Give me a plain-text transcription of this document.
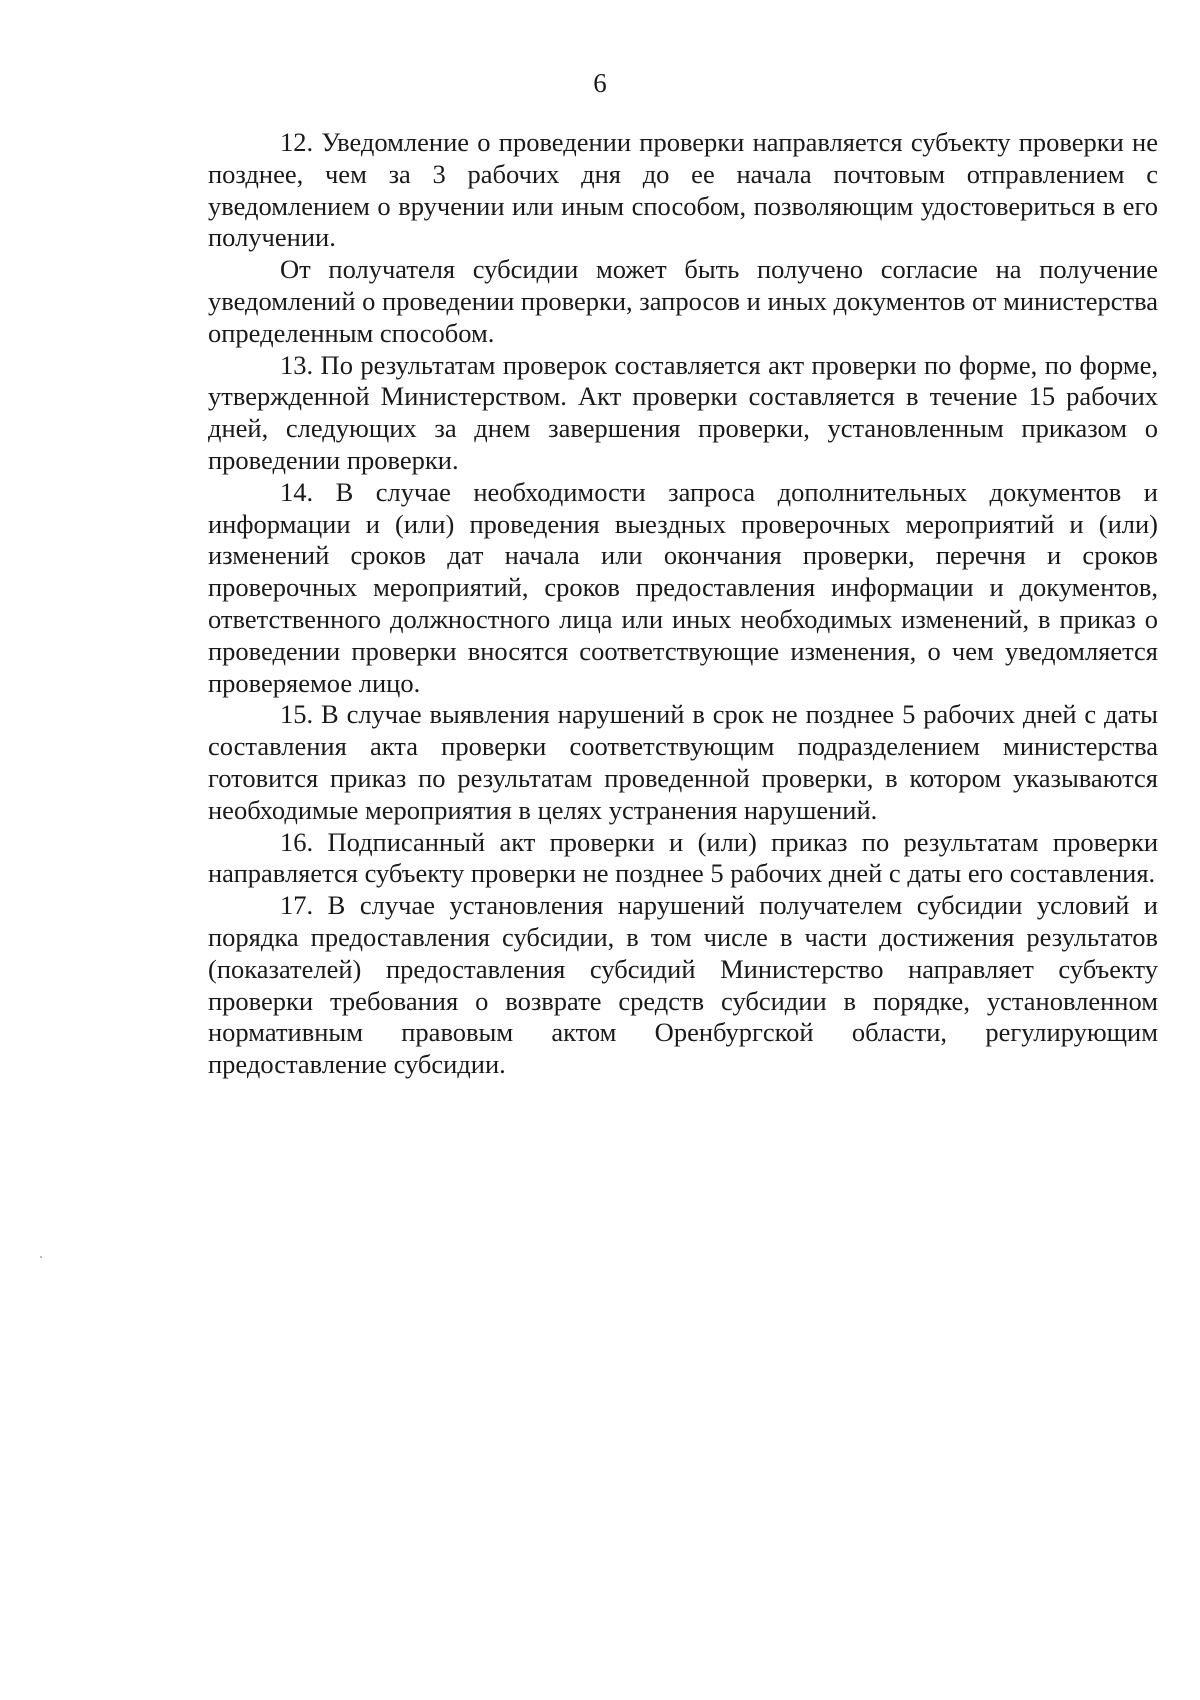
6

12. Уведомление о проведении проверки направляется субъекту проверки не позднее, чем за 3 рабочих дня до ее начала почтовым отправлением с уведомлением о вручении или иным способом, позволяющим удостовериться в его получении.

От получателя субсидии может быть получено согласие на получение уведомлений о проведении проверки, запросов и иных документов от министерства определенным способом.

13. По результатам проверок составляется акт проверки по форме, по форме, утвержденной Министерством. Акт проверки составляется в течение 15 рабочих дней, следующих за днем завершения проверки, установленным приказом о проведении проверки.

14. В случае необходимости запроса дополнительных документов и информации и (или) проведения выездных проверочных мероприятий и (или) изменений сроков дат начала или окончания проверки, перечня и сроков проверочных мероприятий, сроков предоставления информации и документов, ответственного должностного лица или иных необходимых изменений, в приказ о проведении проверки вносятся соответствующие изменения, о чем уведомляется проверяемое лицо.

15. В случае выявления нарушений в срок не позднее 5 рабочих дней с даты составления акта проверки соответствующим подразделением министерства готовится приказ по результатам проведенной проверки, в котором указываются необходимые мероприятия в целях устранения нарушений.

16. Подписанный акт проверки и (или) приказ по результатам проверки направляется субъекту проверки не позднее 5 рабочих дней с даты его составления.

17. В случае установления нарушений получателем субсидии условий и порядка предоставления субсидии, в том числе в части достижения результатов (показателей) предоставления субсидий Министерство направляет субъекту проверки требования о возврате средств субсидии в порядке, установленном нормативным правовым актом Оренбургской области, регулирующим предоставление субсидии.
